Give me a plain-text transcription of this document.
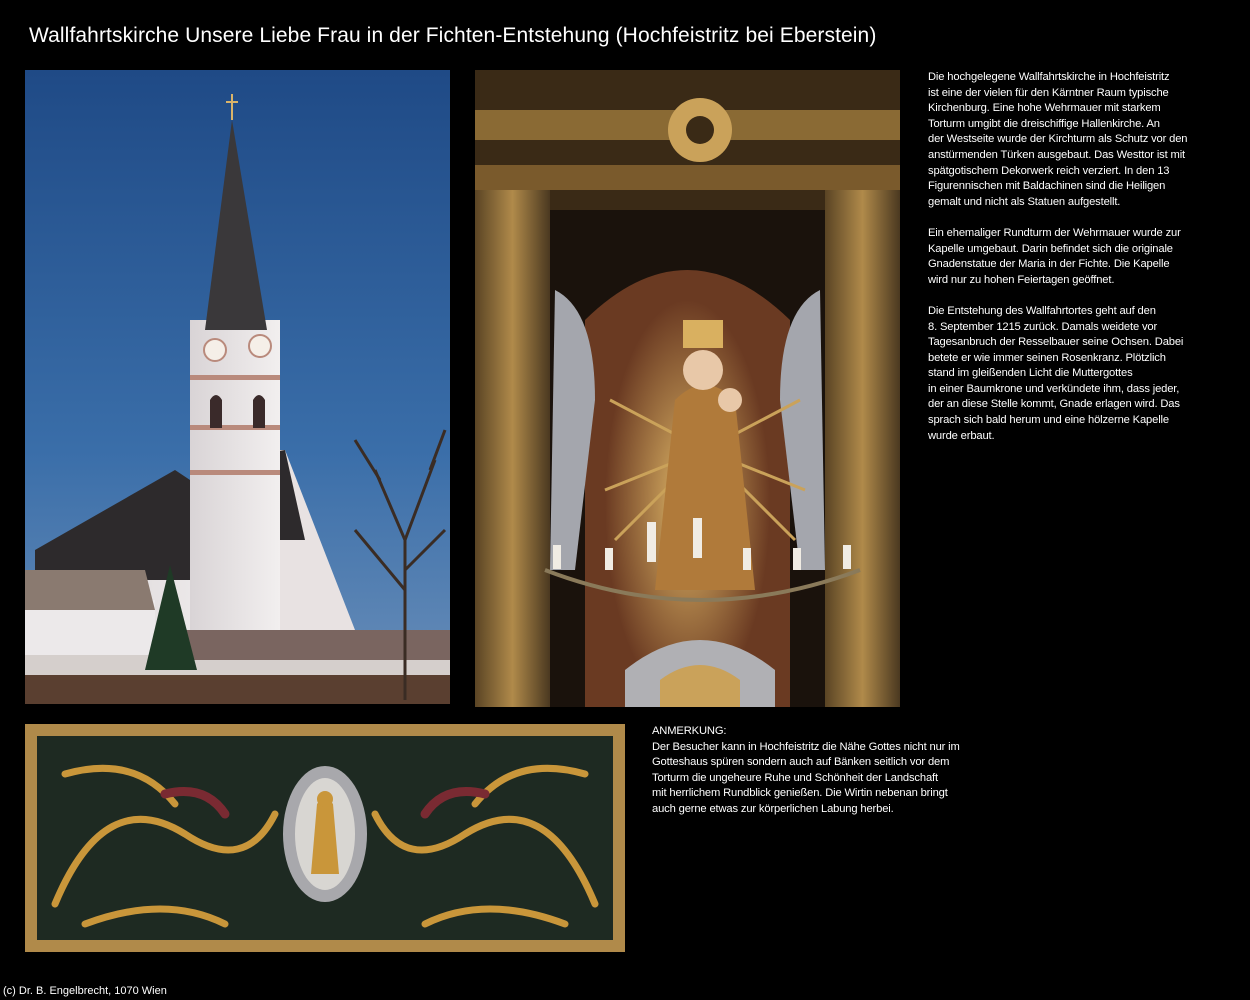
Wallfahrtskirche Unsere Liebe Frau in der Fichten-Entstehung (Hochfeistritz bei Eberstein)

Die hochgelegene Wallfahrtskirche in Hochfeistritz
ist eine der vielen für den Kärntner Raum typische
Kirchenburg. Eine hohe Wehrmauer mit starkem
Torturm umgibt die dreischiffige Hallenkirche. An
der Westseite wurde der Kirchturm als Schutz vor den
anstürmenden Türken ausgebaut. Das Westtor ist mit
spätgotischem Dekorwerk reich verziert. In den 13
Figurennischen mit Baldachinen sind die Heiligen
gemalt und nicht als Statuen aufgestellt.

Ein ehemaliger Rundturm der Wehrmauer wurde zur
Kapelle umgebaut. Darin befindet sich die originale
Gnadenstatue der Maria in der Fichte. Die Kapelle
wird nur zu hohen Feiertagen geöffnet.

Die Entstehung des Wallfahrtortes geht auf den
8. September 1215 zurück. Damals weidete vor
Tagesanbruch der Resselbauer seine Ochsen. Dabei
betete er wie immer seinen Rosenkranz. Plötzlich
stand im gleißenden Licht die Muttergottes
in einer Baumkrone und verkündete ihm, dass jeder,
der an diese Stelle kommt, Gnade erlagen wird. Das
sprach sich bald herum und eine hölzerne Kapelle
wurde erbaut.

ANMERKUNG:

Der Besucher kann in Hochfeistritz die Nähe Gottes nicht nur im
Gotteshaus spüren sondern auch auf Bänken seitlich vor dem
Torturm die ungeheure Ruhe und Schönheit der Landschaft
mit herrlichem Rundblick genießen. Die Wirtin nebenan bringt
auch gerne etwas zur körperlichen Labung herbei.

(c) Dr. B. Engelbrecht, 1070 Wien
